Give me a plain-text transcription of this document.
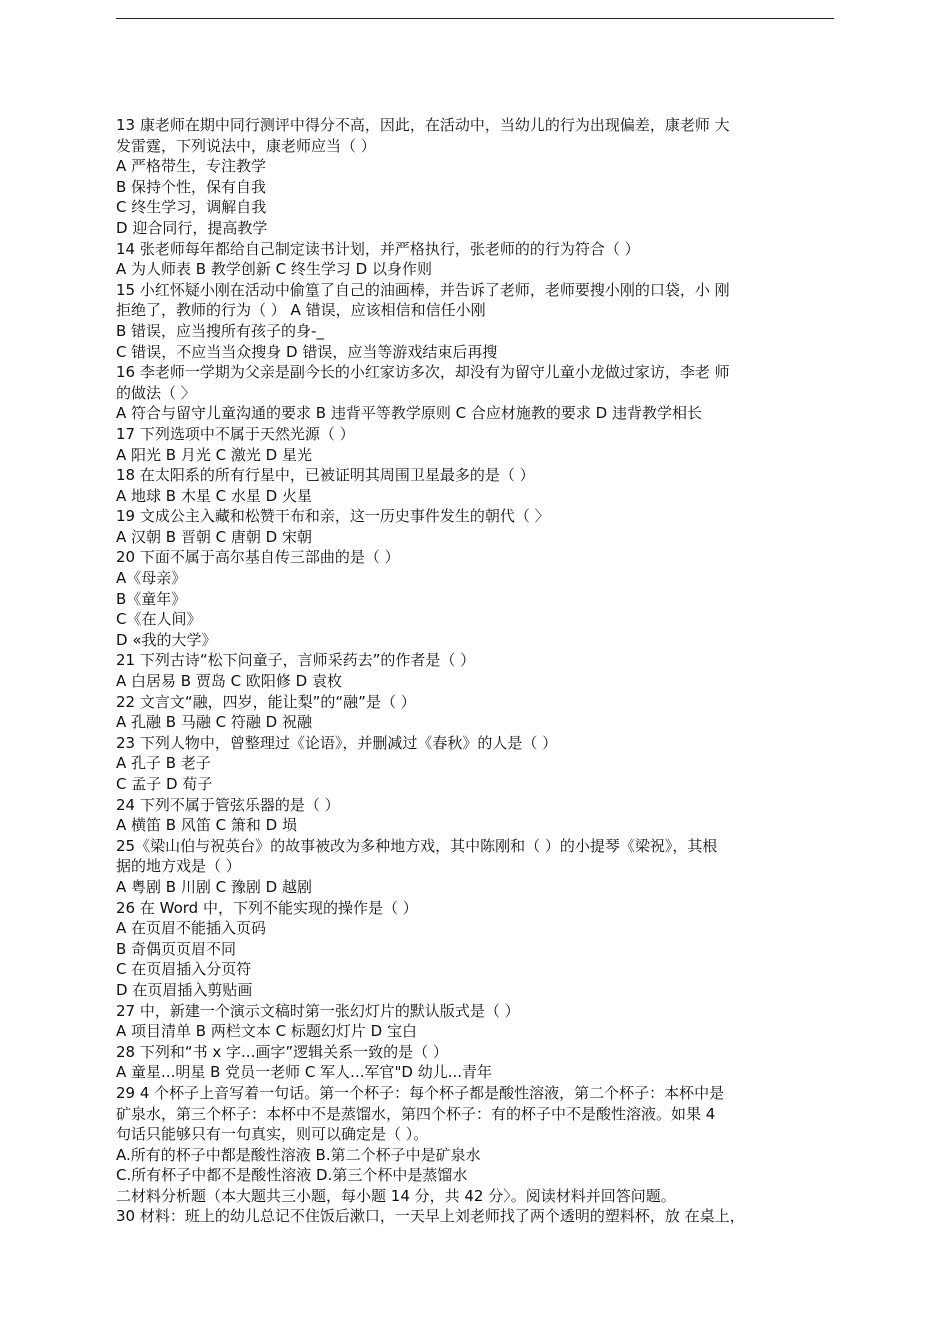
13 康老师在期中同行测评中得分不高，因此，在活动中，当幼儿的行为出现偏差，康老师 大
发雷霆，下列说法中，康老师应当（ ）
A 严格带生，专注教学
B 保持个性，保有自我
C 终生学习，调解自我
D 迎合同行，提高教学
14 张老师每年都给自己制定读书计划，并严格执行，张老师的的行为符合（ ）
A 为人师表 B 教学创新 C 终生学习 D 以身作则
15 小红怀疑小刚在活动中偷篁了自己的油画棒，并告诉了老师，老师要搜小刚的口袋，小 刚
拒绝了，教师的行为（ ） A 错误，应该相信和信任小刚
B 错误，应当搜所有孩子的身-_
C 错误，不应当当众搜身 D 错误，应当等游戏结束后再搜
16 李老师一学期为父亲是副今长的小红家访多次，却没有为留守儿童小龙做过家访，李老 师
的做法（ 〉
A 符合与留守儿童沟通的要求 B 违背平等教学原则 C 合应材施教的要求 D 违背教学相长
17 下列选项中不属于天然光源（ ）
A 阳光 B 月光 C 激光 D 星光
18 在太阳系的所有行星中，已被证明其周围卫星最多的是（ ）
A 地球 B 木星 C 水星 D 火星
19 文成公主入藏和松赞干布和亲，这一历史事件发生的朝代（ 〉
A 汉朝 B 晋朝 C 唐朝 D 宋朝
20 下面不属于高尔基自传三部曲的是（ ）
A《母亲》
B《童年》
C《在人间》
D «我的大学》
21 下列古诗“松下问童子，言师采药去”的作者是（ ）
A 白居易 B 贾岛 C 欧阳修 D 袁枚
22 文言文“融，四岁，能让梨”的“融”是（ ）
A 孔融 B 马融 C 符融 D 祝融
23 下列人物中，曾整理过《论语》，并删减过《春秋》的人是（ ）
A 孔子 B 老子
C 孟子 D 荀子
24 下列不属于管弦乐器的是（ ）
A 横笛 B 风笛 C 箫和 D 埙
25《梁山伯与祝英台》的故事被改为多种地方戏，其中陈刚和（ ）的小提琴《梁祝》，其根
据的地方戏是（ ）
A 粤剧 B 川剧 C 豫剧 D 越剧
26 在 Word 中，下列不能实现的操作是（ ）
A 在页眉不能插入页码
B 奇偶页页眉不同
C 在页眉插入分页符
D 在页眉插入剪贴画
27 中，新建一个演示文稿时第一张幻灯片的默认版式是（ ）
A 项目清单 B 两栏文本 C 标题幻灯片 D 宝白
28 下列和“书 x 字...画字”逻辑关系一致的是（ ）
A 童星...明星 B 党员一老师 C 军人...军官"D 幼儿...青年
29 4 个杯子上音写着一句话。第一个杯子：每个杯子都是酸性溶液，第二个杯子：本杯中是
矿泉水，第三个杯子：本杯中不是蒸馏水，第四个杯子：有的杯子中不是酸性溶液。如果 4
句话只能够只有一句真实，则可以确定是（ ）。
A.所有的杯子中都是酸性溶液 B.第二个杯子中是矿泉水
C.所有杯子中都不是酸性溶液 D.第三个杯中是蒸馏水
二材料分析题（本大题共三小题，每小题 14 分，共 42 分〉。阅读材料并回答问题。
30 材料：班上的幼儿总记不住饭后漱口，一天早上刘老师找了两个透明的塑料杯，放 在桌上，
